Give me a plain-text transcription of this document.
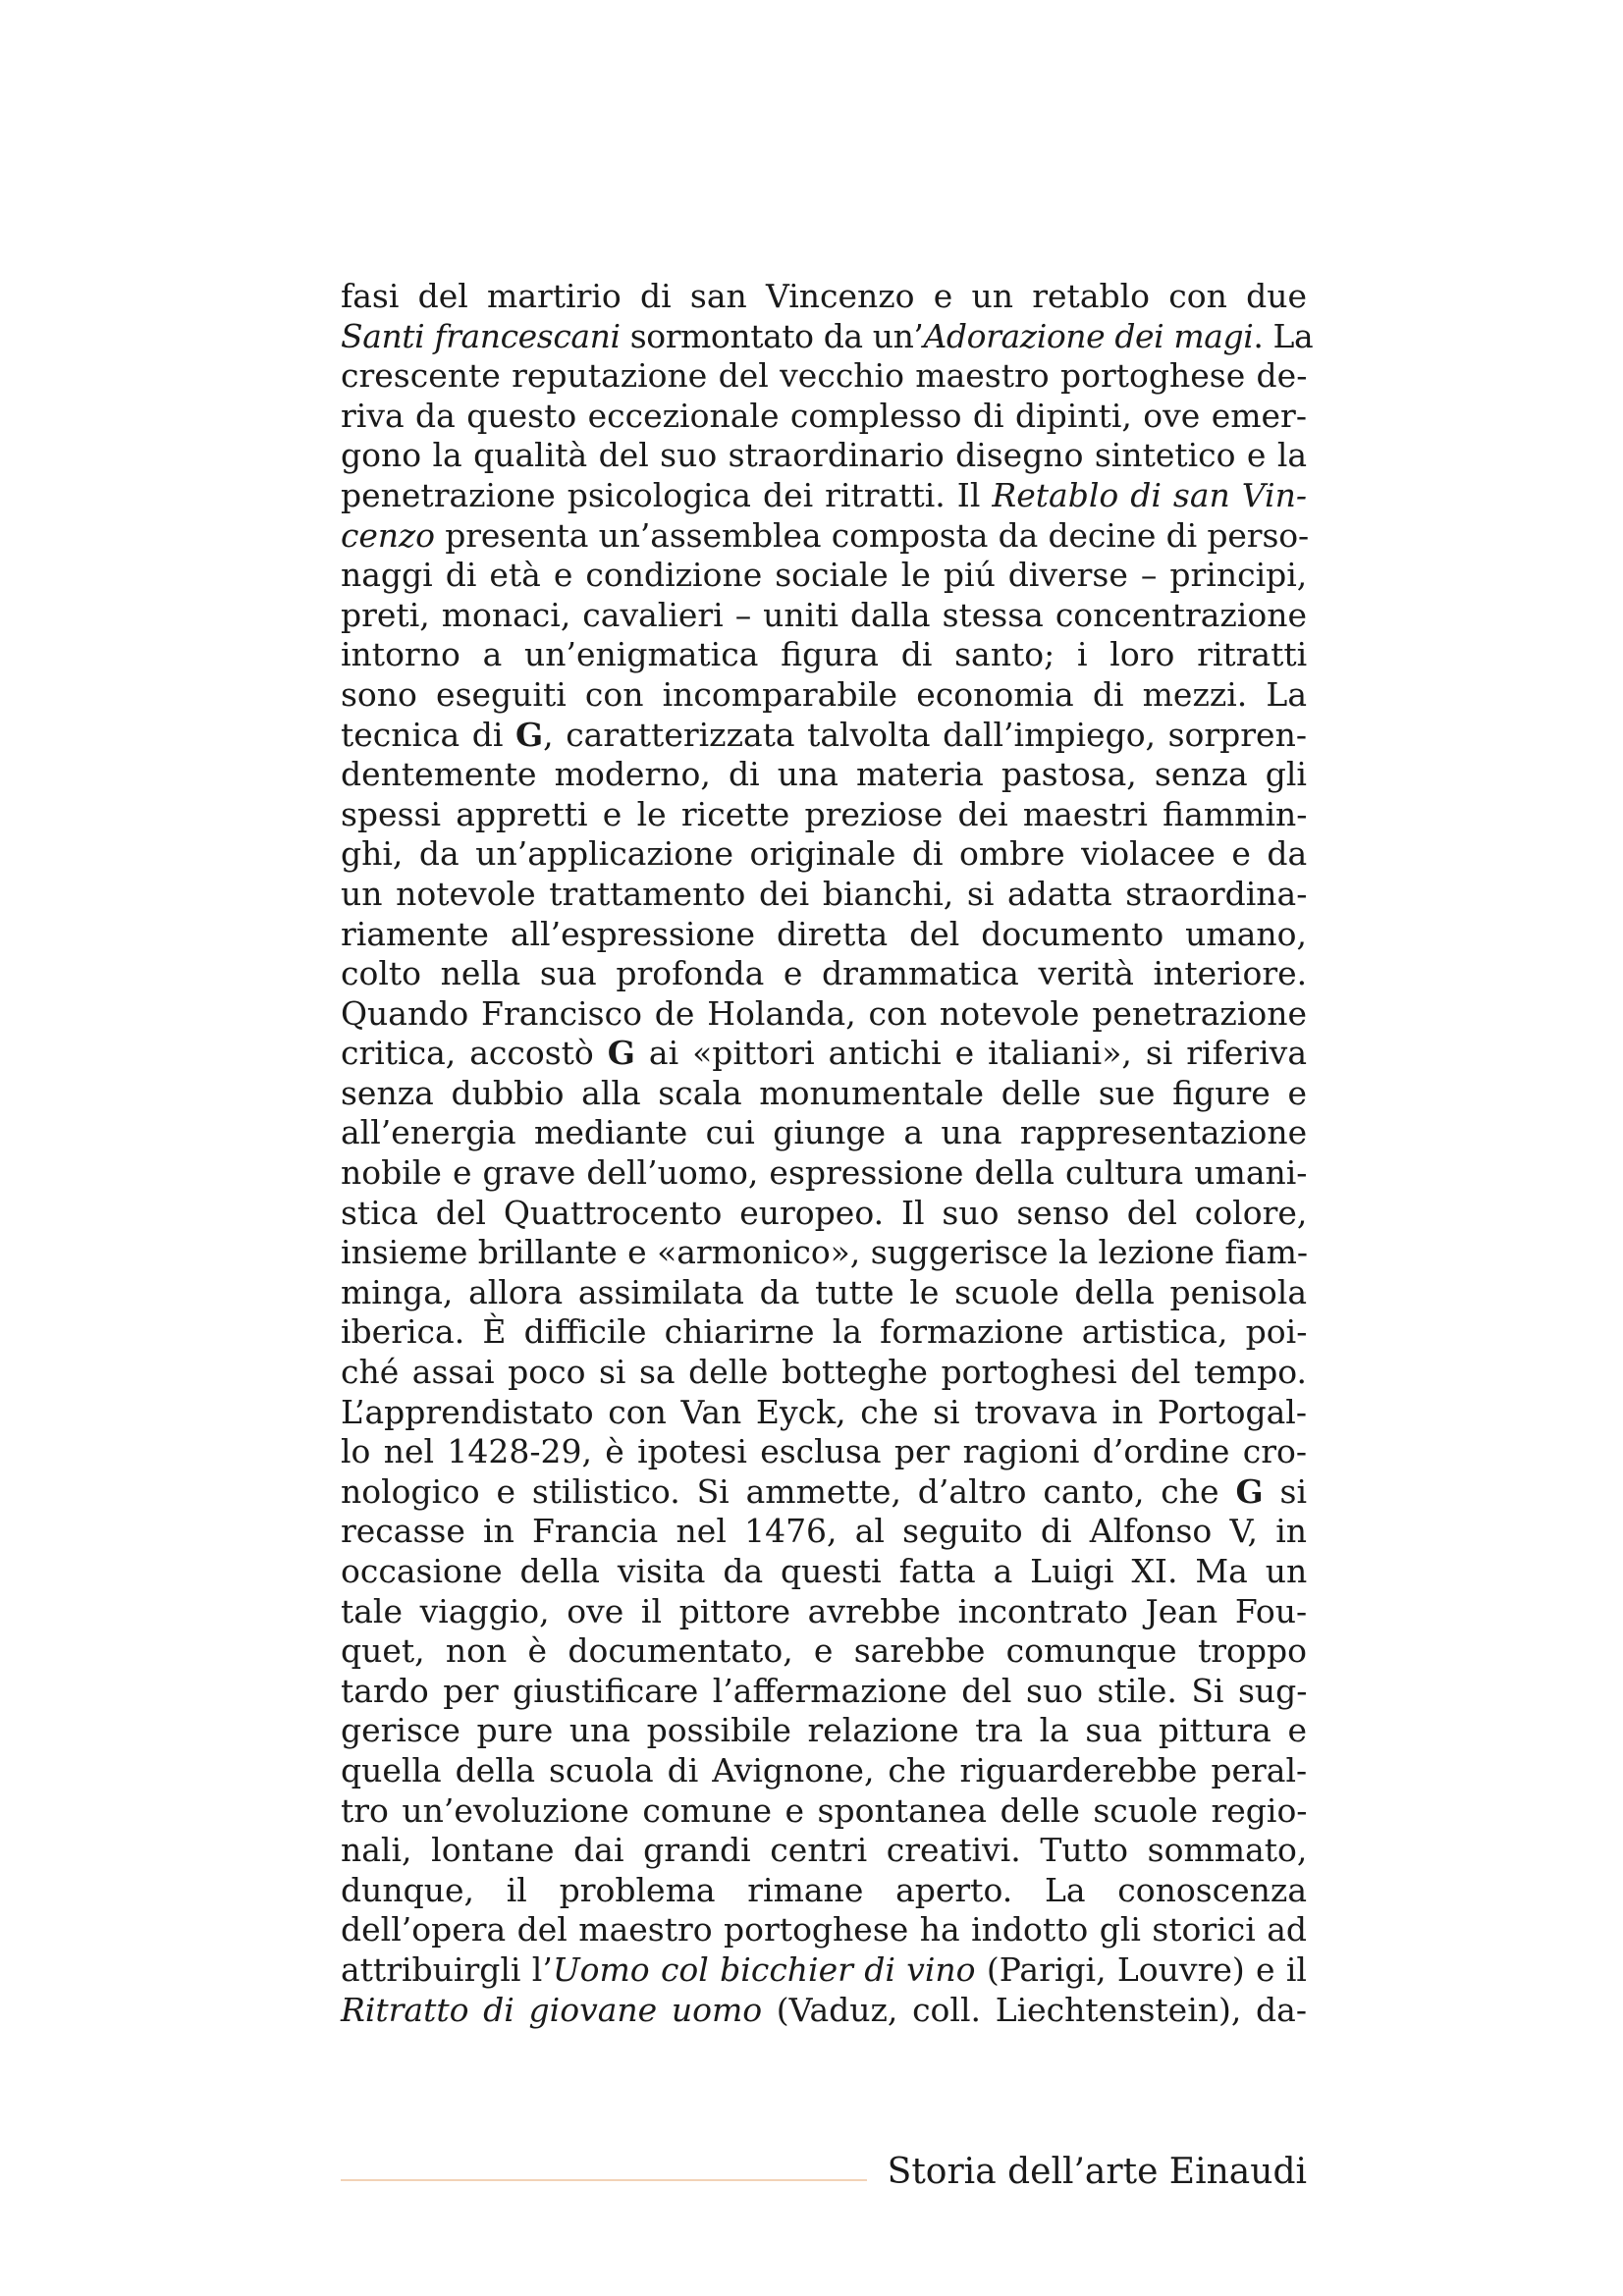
fasi del martirio di san Vincenzo e un retablo con due
Santi francescani sormontato da un’Adorazione dei magi. La
crescente reputazione del vecchio maestro portoghese de-
riva da questo eccezionale complesso di dipinti, ove emer-
gono la qualità del suo straordinario disegno sintetico e la
penetrazione psicologica dei ritratti. Il Retablo di san Vin-
cenzo presenta un’assemblea composta da decine di perso-
naggi di età e condizione sociale le piú diverse – principi,
preti, monaci, cavalieri – uniti dalla stessa concentrazione
intorno a un’enigmatica figura di santo; i loro ritratti
sono eseguiti con incomparabile economia di mezzi. La
tecnica di G, caratterizzata talvolta dall’impiego, sorpren-
dentemente moderno, di una materia pastosa, senza gli
spessi appretti e le ricette preziose dei maestri fiammin-
ghi, da un’applicazione originale di ombre violacee e da
un notevole trattamento dei bianchi, si adatta straordina-
riamente all’espressione diretta del documento umano,
colto nella sua profonda e drammatica verità interiore.
Quando Francisco de Holanda, con notevole penetrazione
critica, accostò G ai «pittori antichi e italiani», si riferiva
senza dubbio alla scala monumentale delle sue figure e
all’energia mediante cui giunge a una rappresentazione
nobile e grave dell’uomo, espressione della cultura umani-
stica del Quattrocento europeo. Il suo senso del colore,
insieme brillante e «armonico», suggerisce la lezione fiam-
minga, allora assimilata da tutte le scuole della penisola
iberica. È difficile chiarirne la formazione artistica, poi-
ché assai poco si sa delle botteghe portoghesi del tempo.
L’apprendistato con Van Eyck, che si trovava in Portogal-
lo nel 1428-29, è ipotesi esclusa per ragioni d’ordine cro-
nologico e stilistico. Si ammette, d’altro canto, che G si
recasse in Francia nel 1476, al seguito di Alfonso V, in
occasione della visita da questi fatta a Luigi XI. Ma un
tale viaggio, ove il pittore avrebbe incontrato Jean Fou-
quet, non è documentato, e sarebbe comunque troppo
tardo per giustificare l’affermazione del suo stile. Si sug-
gerisce pure una possibile relazione tra la sua pittura e
quella della scuola di Avignone, che riguarderebbe peral-
tro un’evoluzione comune e spontanea delle scuole regio-
nali, lontane dai grandi centri creativi. Tutto sommato,
dunque, il problema rimane aperto. La conoscenza
dell’opera del maestro portoghese ha indotto gli storici ad
attribuirgli l’Uomo col bicchier di vino (Parigi, Louvre) e il
Ritratto di giovane uomo (Vaduz, coll. Liechtenstein), da-
Storia dell’arte Einaudi
